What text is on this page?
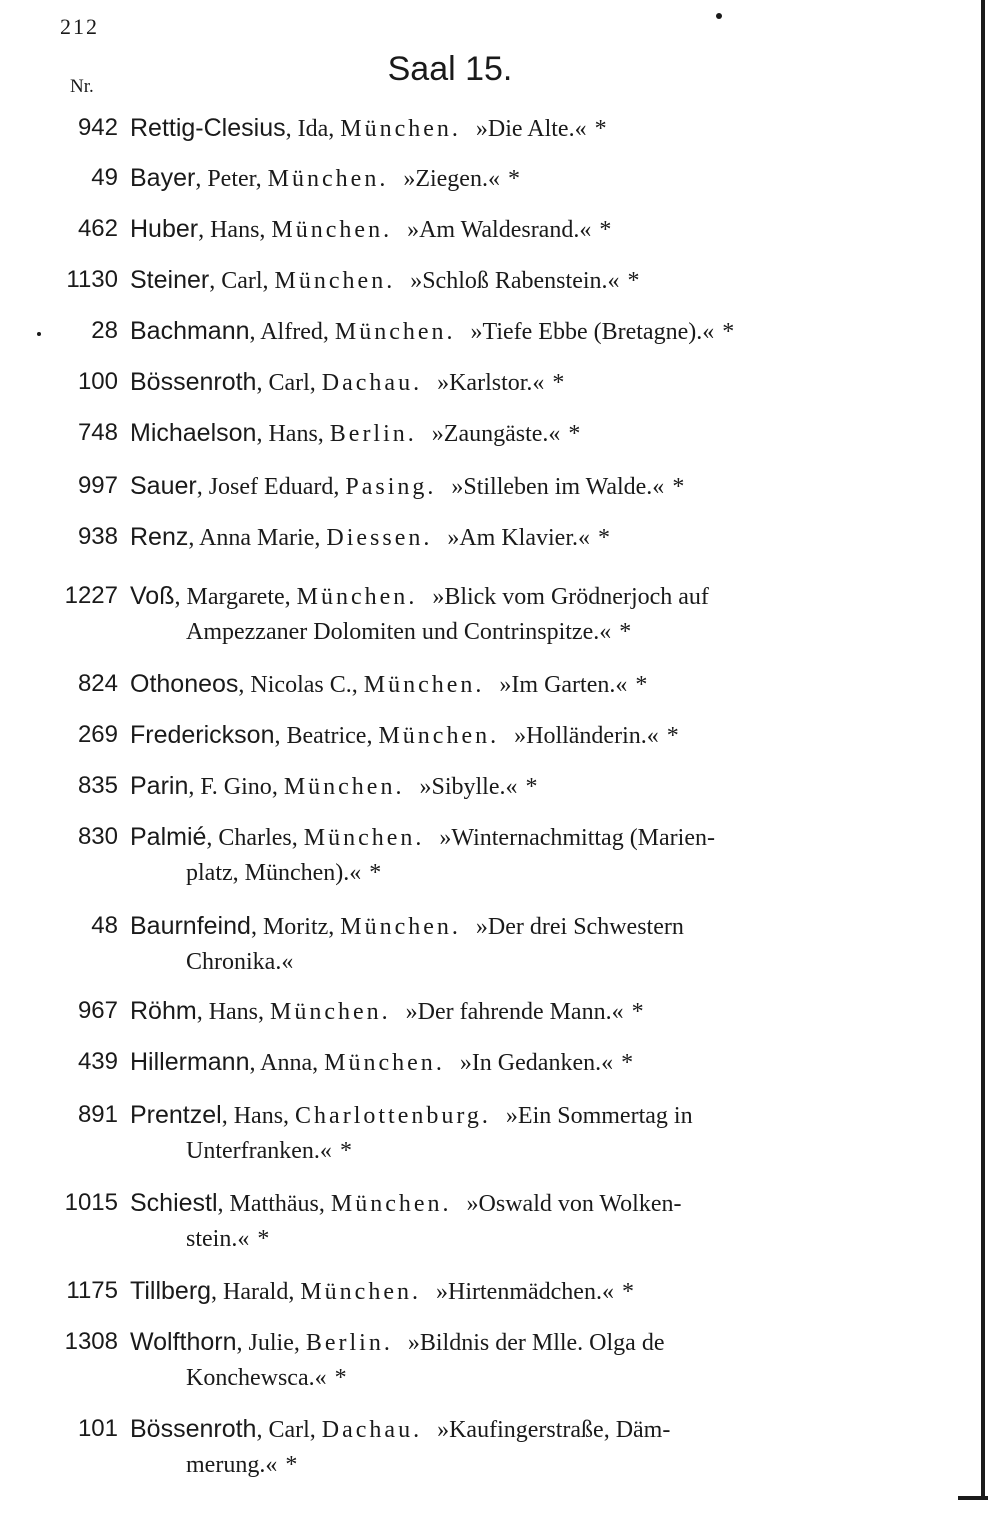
212
Saal 15.
Nr.
942 Rettig-Clesius, Ida, München. »Die Alte.« *
49 Bayer, Peter, München. »Ziegen.« *
462 Huber, Hans, München. »Am Waldesrand.« *
1130 Steiner, Carl, München. »Schloß Rabenstein.« *
28 Bachmann, Alfred, München. »Tiefe Ebbe (Bretagne).« *
100 Bössenroth, Carl, Dachau. »Karlstor.« *
748 Michaelson, Hans, Berlin. »Zaungäste.« *
997 Sauer, Josef Eduard, Pasing. »Stilleben im Walde.« *
938 Renz, Anna Marie, Diessen. »Am Klavier.« *
1227 Voß, Margarete, München. »Blick vom Grödnerjoch auf
Ampezzaner Dolomiten und Contrinspitze.« *
824 Othoneos, Nicolas C., München. »Im Garten.« *
269 Frederickson, Beatrice, München. »Holländerin.« *
835 Parin, F. Gino, München. »Sibylle.« *
830 Palmié, Charles, München. »Winternachmittag (Marien-
platz, München).« *
48 Baurnfeind, Moritz, München. »Der drei Schwestern
Chronika.«
967 Röhm, Hans, München. »Der fahrende Mann.« *
439 Hillermann, Anna, München. »In Gedanken.« *
891 Prentzel, Hans, Charlottenburg. »Ein Sommertag in
Unterfranken.« *
1015 Schiestl, Matthäus, München. »Oswald von Wolken-
stein.« *
1175 Tillberg, Harald, München. »Hirtenmädchen.« *
1308 Wolfthorn, Julie, Berlin. »Bildnis der Mlle. Olga de
Konchewsca.« *
101 Bössenroth, Carl, Dachau. »Kaufingerstraße, Däm-
merung.« *
